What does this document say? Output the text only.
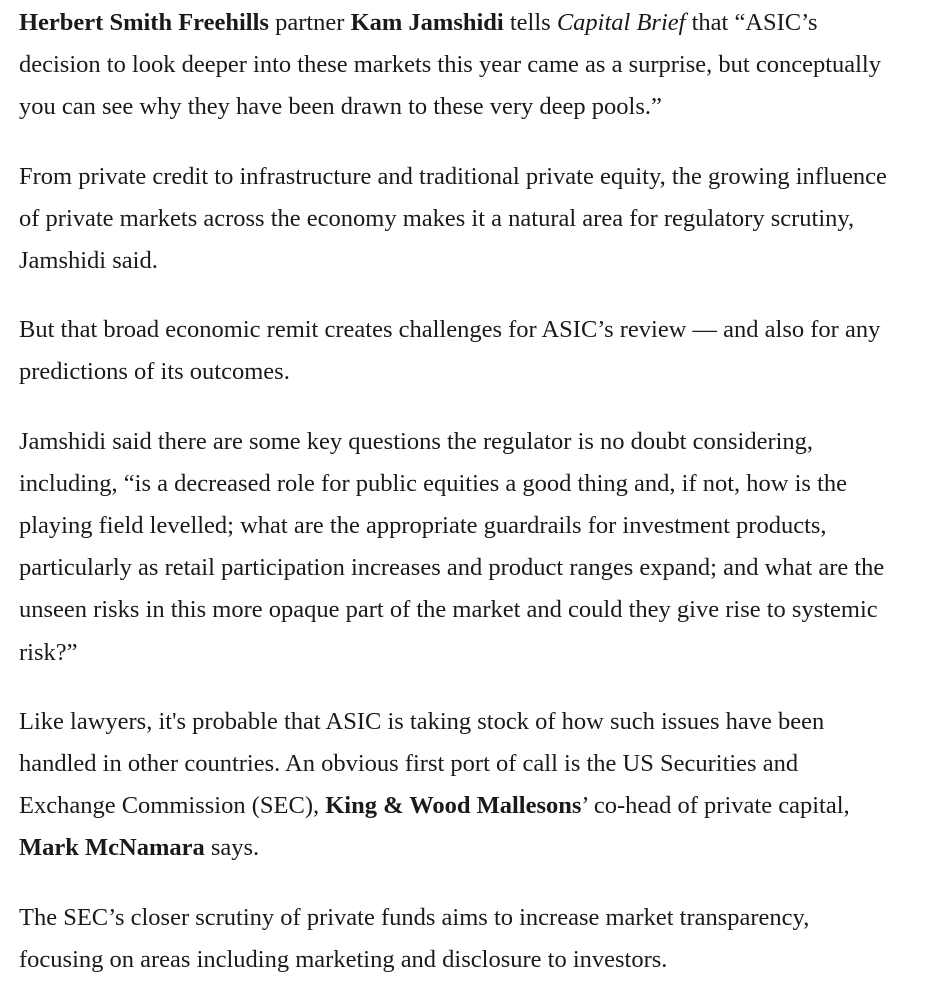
Herbert Smith Freehills partner Kam Jamshidi tells Capital Brief that “ASIC’s decision to look deeper into these markets this year came as a surprise, but conceptually you can see why they have been drawn to these very deep pools.”

From private credit to infrastructure and traditional private equity, the growing influence of private markets across the economy makes it a natural area for regulatory scrutiny, Jamshidi said.

But that broad economic remit creates challenges for ASIC’s review — and also for any predictions of its outcomes.

Jamshidi said there are some key questions the regulator is no doubt considering, including, “is a decreased role for public equities a good thing and, if not, how is the playing field levelled; what are the appropriate guardrails for investment products, particularly as retail participation increases and product ranges expand; and what are the unseen risks in this more opaque part of the market and could they give rise to systemic risk?”

Like lawyers, it's probable that ASIC is taking stock of how such issues have been handled in other countries. An obvious first port of call is the US Securities and Exchange Commission (SEC), King & Wood Mallesons’ co-head of private capital, Mark McNamara says.

The SEC’s closer scrutiny of private funds aims to increase market transparency, focusing on areas including marketing and disclosure to investors.
